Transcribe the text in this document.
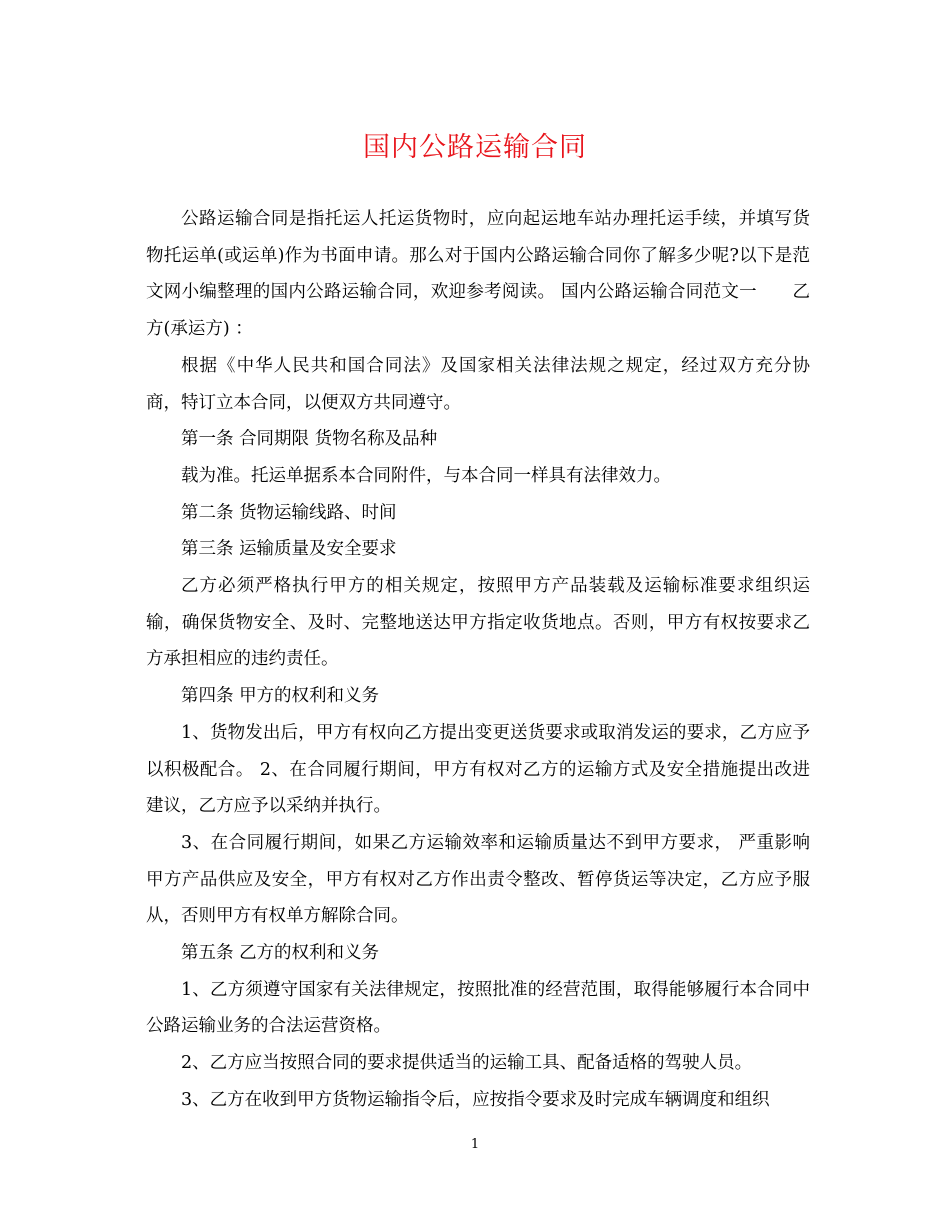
国内公路运输合同

公路运输合同是指托运人托运货物时，应向起运地车站办理托运手续，并填写货物托运单(或运单)作为书面申请。那么对于国内公路运输合同你了解多少呢?以下是范文网小编整理的国内公路运输合同，欢迎参考阅读。 国内公路运输合同范文一　　乙方(承运方) ：

根据《中华人民共和国合同法》及国家相关法律法规之规定，经过双方充分协商，特订立本合同，以便双方共同遵守。

第一条 合同期限 货物名称及品种

载为准。托运单据系本合同附件，与本合同一样具有法律效力。

第二条 货物运输线路、时间

第三条 运输质量及安全要求

乙方必须严格执行甲方的相关规定，按照甲方产品装载及运输标准要求组织运输，确保货物安全、及时、完整地送达甲方指定收货地点。否则，甲方有权按要求乙方承担相应的违约责任。

第四条 甲方的权利和义务

1、货物发出后，甲方有权向乙方提出变更送货要求或取消发运的要求，乙方应予以积极配合。 2、在合同履行期间，甲方有权对乙方的运输方式及安全措施提出改进建议，乙方应予以采纳并执行。

3、在合同履行期间，如果乙方运输效率和运输质量达不到甲方要求， 严重影响甲方产品供应及安全，甲方有权对乙方作出责令整改、暂停货运等决定，乙方应予服从，否则甲方有权单方解除合同。

第五条 乙方的权利和义务

1、乙方须遵守国家有关法律规定，按照批准的经营范围，取得能够履行本合同中公路运输业务的合法运营资格。

2、乙方应当按照合同的要求提供适当的运输工具、配备适格的驾驶人员。

3、乙方在收到甲方货物运输指令后，应按指令要求及时完成车辆调度和组织

1
